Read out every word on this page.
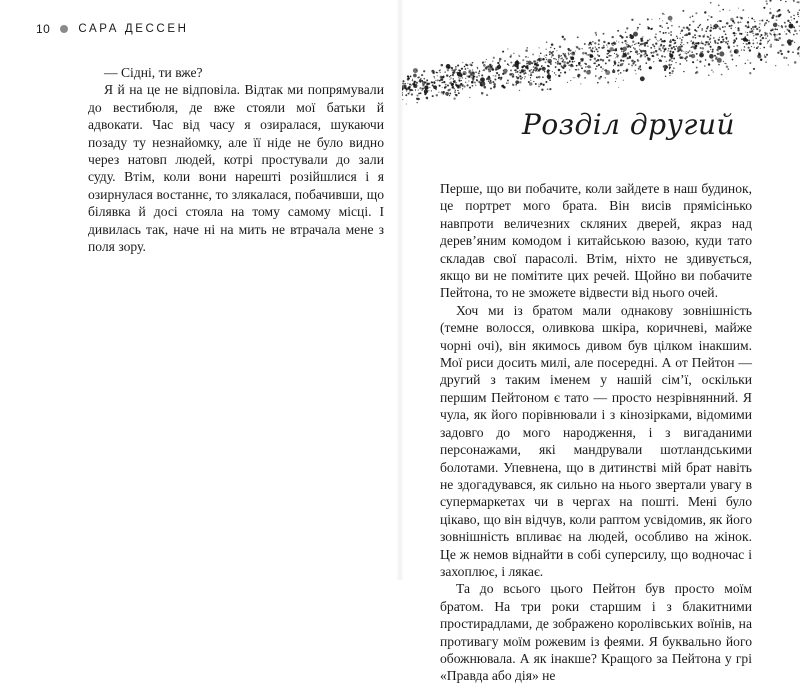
10 САРА ДЕССЕН

— Сідні, ти вже?

Я й на це не відповіла. Відтак ми попрямували до вестибюля, де вже стояли мої батьки й адвокати. Час від часу я озиралася, шукаючи позаду ту незнайомку, але її ніде не було видно через натовп людей, котрі простували до зали суду. Втім, коли вони нарешті розійшлися і я озирнулася востаннє, то злякалася, побачивши, що білявка й досі стояла на тому самому місці. І дивилась так, наче ні на мить не втрачала мене з поля зору.

Розділ другий

Перше, що ви побачите, коли зайдете в наш будинок, це портрет мого брата. Він висів прямісінько навпроти величезних скляних дверей, якраз над дерев’яним комодом і китайською вазою, куди тато складав свої парасолі. Втім, ніхто не здивується, якщо ви не помітите цих речей. Щойно ви побачите Пейтона, то не зможете відвести від нього очей.

Хоч ми із братом мали однакову зовнішність (темне волосся, оливкова шкіра, коричневі, майже чорні очі), він якимось дивом був цілком інакшим. Мої риси досить милі, але посередні. А от Пейтон — другий з таким іменем у нашій сім’ї, оскільки першим Пейтоном є тато — просто незрівнянний. Я чула, як його порівнювали і з кінозірками, відомими задовго до мого народження, і з вигаданими персонажами, які мандрували шотландськими болотами. Упевнена, що в дитинстві мій брат навіть не здогадувався, як сильно на нього звертали увагу в супермаркетах чи в чергах на пошті. Мені було цікаво, що він відчув, коли раптом усвідомив, як його зовнішність впливає на людей, особливо на жінок. Це ж немов віднайти в собі суперсилу, що водночас і захоплює, і лякає.

Та до всього цього Пейтон був просто моїм братом. На три роки старшим і з блакитними простирадлами, де зображено королівських воїнів, на противагу моїм рожевим із феями. Я буквально його обожнювала. А як інакше? Кращого за Пейтона у грі «Правда або дія» не
